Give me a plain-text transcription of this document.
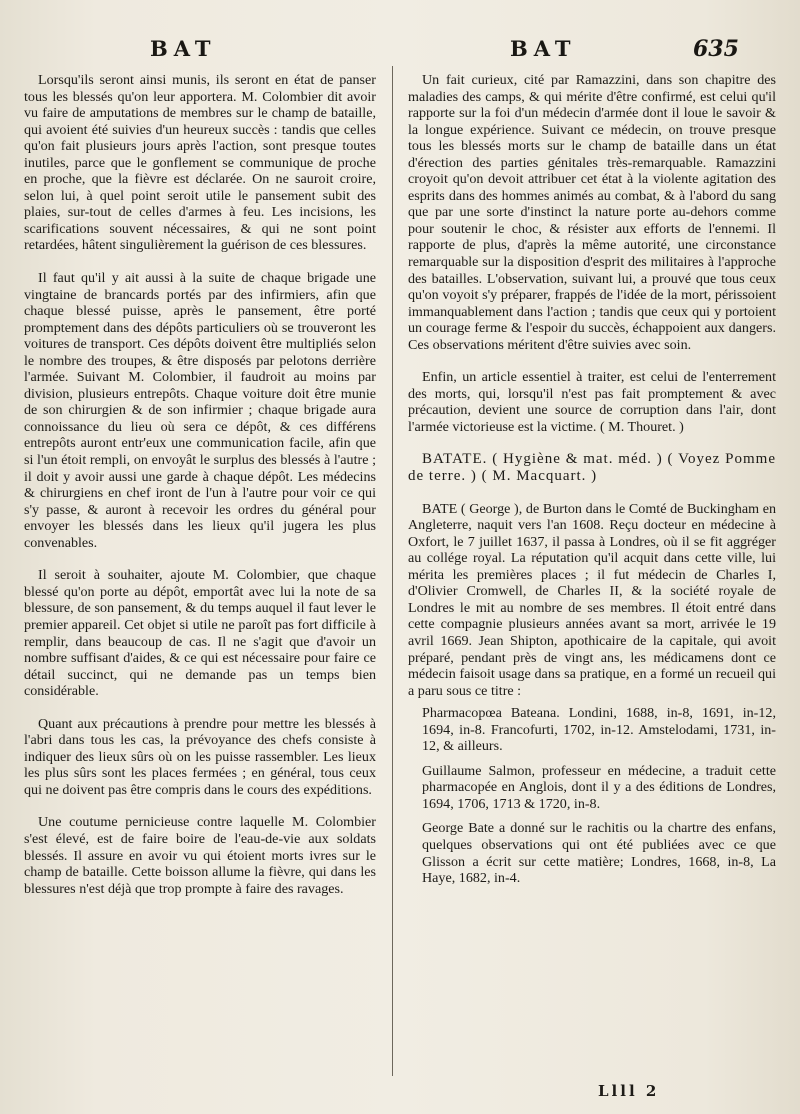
BAT	BAT	635

Lorsqu'ils seront ainsi munis, ils seront en état de panser tous les blessés qu'on leur apportera. M. Colombier dit avoir vu faire de amputations de membres sur le champ de bataille, qui avoient été suivies d'un heureux succès : tandis que celles qu'on fait plusieurs jours après l'action, sont presque toutes inutiles, parce que le gonflement se communique de proche en proche, que la fièvre est déclarée. On ne sauroit croire, selon lui, à quel point seroit utile le pansement subit des plaies, sur-tout de celles d'armes à feu. Les incisions, les scarifications souvent nécessaires, & qui ne sont point retardées, hâtent singulièrement la guérison de ces blessures.

Il faut qu'il y ait aussi à la suite de chaque brigade une vingtaine de brancards portés par des infirmiers, afin que chaque blessé puisse, après le pansement, être porté promptement dans des dépôts particuliers où se trouveront les voitures de transport. Ces dépôts doivent être multipliés selon le nombre des troupes, & être disposés par pelotons derrière l'armée. Suivant M. Colombier, il faudroit au moins par division, plusieurs entrepôts. Chaque voiture doit être munie de son chirurgien & de son infirmier ; chaque brigade aura connoissance du lieu où sera ce dépôt, & ces différens entrepôts auront entr'eux une communication facile, afin que si l'un étoit rempli, on envoyât le surplus des blessés à l'autre ; il doit y avoir aussi une garde à chaque dépôt. Les médecins & chirurgiens en chef iront de l'un à l'autre pour voir ce qui s'y passe, & auront à recevoir les ordres du général pour envoyer les blessés dans les lieux qu'il jugera les plus convenables.

Il seroit à souhaiter, ajoute M. Colombier, que chaque blessé qu'on porte au dépôt, emportât avec lui la note de sa blessure, de son pansement, & du temps auquel il faut lever le premier appareil. Cet objet si utile ne paroît pas fort difficile à remplir, dans beaucoup de cas. Il ne s'agit que d'avoir un nombre suffisant d'aides, & ce qui est nécessaire pour faire ce détail succinct, qui ne demande pas un temps bien considérable.

Quant aux précautions à prendre pour mettre les blessés à l'abri dans tous les cas, la prévoyance des chefs consiste à indiquer des lieux sûrs où on les puisse rassembler. Les lieux les plus sûrs sont les places fermées ; en général, tous ceux qui ne doivent pas être compris dans le cours des expéditions.

Une coutume pernicieuse contre laquelle M. Colombier s'est élevé, est de faire boire de l'eau-de-vie aux soldats blessés. Il assure en avoir vu qui étoient morts ivres sur le champ de bataille. Cette boisson allume la fièvre, qui dans les blessures n'est déjà que trop prompte à faire des ravages.

Un fait curieux, cité par Ramazzini, dans son chapitre des maladies des camps, & qui mérite d'être confirmé, est celui qu'il rapporte sur la foi d'un médecin d'armée dont il loue le savoir & la longue expérience. Suivant ce médecin, on trouve presque tous les blessés morts sur le champ de bataille dans un état d'érection des parties génitales très-remarquable. Ramazzini croyoit qu'on devoit attribuer cet état à la violente agitation des esprits dans des hommes animés au combat, & à l'abord du sang que par une sorte d'instinct la nature porte au-dehors comme pour soutenir le choc, & résister aux efforts de l'ennemi. Il rapporte de plus, d'après la même autorité, une circonstance remarquable sur la disposition d'esprit des militaires à l'approche des batailles. L'observation, suivant lui, a prouvé que tous ceux qu'on voyoit s'y préparer, frappés de l'idée de la mort, périssoient immanquablement dans l'action ; tandis que ceux qui y portoient un courage ferme & l'espoir du succès, échappoient aux dangers. Ces observations méritent d'être suivies avec soin.

Enfin, un article essentiel à traiter, est celui de l'enterrement des morts, qui, lorsqu'il n'est pas fait promptement & avec précaution, devient une source de corruption dans l'air, dont l'armée victorieuse est la victime. ( M. Thouret. )

BATATE. ( Hygiène & mat. méd. ) ( Voyez Pomme de terre. ) ( M. Macquart. )

BATE ( George ), de Burton dans le Comté de Buckingham en Angleterre, naquit vers l'an 1608. Reçu docteur en médecine à Oxfort, le 7 juillet 1637, il passa à Londres, où il se fit aggréger au collége royal. La réputation qu'il acquit dans cette ville, lui mérita les premières places ; il fut médecin de Charles I, d'Olivier Cromwell, de Charles II, & la société royale de Londres le mit au nombre de ses membres. Il étoit entré dans cette compagnie plusieurs années avant sa mort, arrivée le 19 avril 1669. Jean Shipton, apothicaire de la capitale, qui avoit préparé, pendant près de vingt ans, les médicamens dont ce médecin faisoit usage dans sa pratique, en a formé un recueil qui a paru sous ce titre :

Pharmacopœa Bateana. Londini, 1688, in-8, 1691, in-12, 1694, in-8. Francofurti, 1702, in-12. Amstelodami, 1731, in-12, & ailleurs.

Guillaume Salmon, professeur en médecine, a traduit cette pharmacopée en Anglois, dont il y a des éditions de Londres, 1694, 1706, 1713 & 1720, in-8.

George Bate a donné sur le rachitis ou la chartre des enfans, quelques observations qui ont été publiées avec ce que Glisson a écrit sur cette matière; Londres, 1668, in-8, La Haye, 1682, in-4.

Llll 2
